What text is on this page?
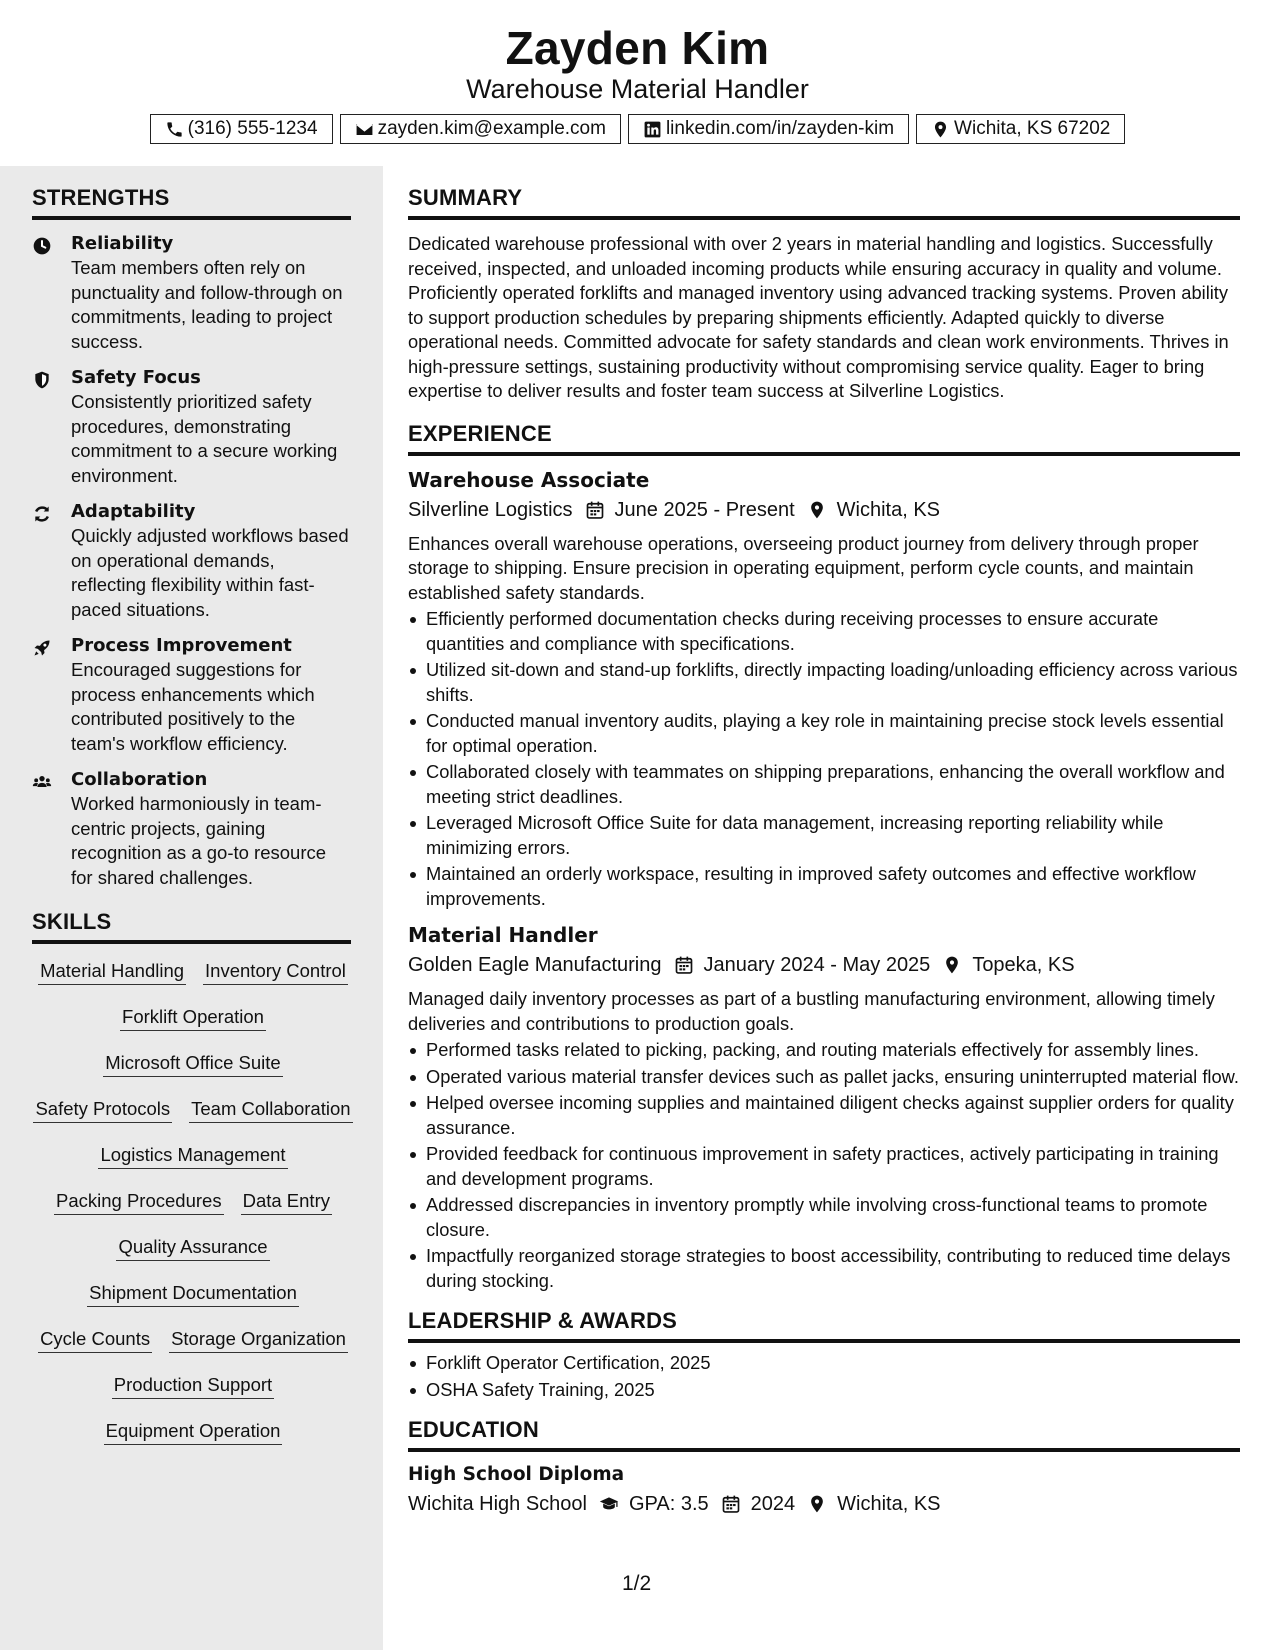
Zayden Kim
Warehouse Material Handler
(316) 555-1234	zayden.kim@example.com	linkedin.com/in/zayden-kim	Wichita, KS 67202
STRENGTHS
Reliability
Team members often rely on punctuality and follow-through on commitments, leading to project success.
Safety Focus
Consistently prioritized safety procedures, demonstrating commitment to a secure working environment.
Adaptability
Quickly adjusted workflows based on operational demands, reflecting flexibility within fast-paced situations.
Process Improvement
Encouraged suggestions for process enhancements which contributed positively to the team's workflow efficiency.
Collaboration
Worked harmoniously in team-centric projects, gaining recognition as a go-to resource for shared challenges.
SKILLS
Material Handling Inventory Control
Forklift Operation
Microsoft Office Suite
Safety Protocols Team Collaboration
Logistics Management
Packing Procedures Data Entry
Quality Assurance
Shipment Documentation
Cycle Counts Storage Organization
Production Support
Equipment Operation
SUMMARY
Dedicated warehouse professional with over 2 years in material handling and logistics. Successfully received, inspected, and unloaded incoming products while ensuring accuracy in quality and volume. Proficiently operated forklifts and managed inventory using advanced tracking systems. Proven ability to support production schedules by preparing shipments efficiently. Adapted quickly to diverse operational needs. Committed advocate for safety standards and clean work environments. Thrives in high-pressure settings, sustaining productivity without compromising service quality. Eager to bring expertise to deliver results and foster team success at Silverline Logistics.
EXPERIENCE
Warehouse Associate
Silverline Logistics June 2025 - Present Wichita, KS
Enhances overall warehouse operations, overseeing product journey from delivery through proper storage to shipping. Ensure precision in operating equipment, perform cycle counts, and maintain established safety standards.
Efficiently performed documentation checks during receiving processes to ensure accurate quantities and compliance with specifications.
Utilized sit-down and stand-up forklifts, directly impacting loading/unloading efficiency across various shifts.
Conducted manual inventory audits, playing a key role in maintaining precise stock levels essential for optimal operation.
Collaborated closely with teammates on shipping preparations, enhancing the overall workflow and meeting strict deadlines.
Leveraged Microsoft Office Suite for data management, increasing reporting reliability while minimizing errors.
Maintained an orderly workspace, resulting in improved safety outcomes and effective workflow improvements.
Material Handler
Golden Eagle Manufacturing January 2024 - May 2025 Topeka, KS
Managed daily inventory processes as part of a bustling manufacturing environment, allowing timely deliveries and contributions to production goals.
Performed tasks related to picking, packing, and routing materials effectively for assembly lines.
Operated various material transfer devices such as pallet jacks, ensuring uninterrupted material flow.
Helped oversee incoming supplies and maintained diligent checks against supplier orders for quality assurance.
Provided feedback for continuous improvement in safety practices, actively participating in training and development programs.
Addressed discrepancies in inventory promptly while involving cross-functional teams to promote closure.
Impactfully reorganized storage strategies to boost accessibility, contributing to reduced time delays during stocking.
LEADERSHIP & AWARDS
Forklift Operator Certification, 2025
OSHA Safety Training, 2025
EDUCATION
High School Diploma
Wichita High School GPA: 3.5 2024 Wichita, KS
1/2
